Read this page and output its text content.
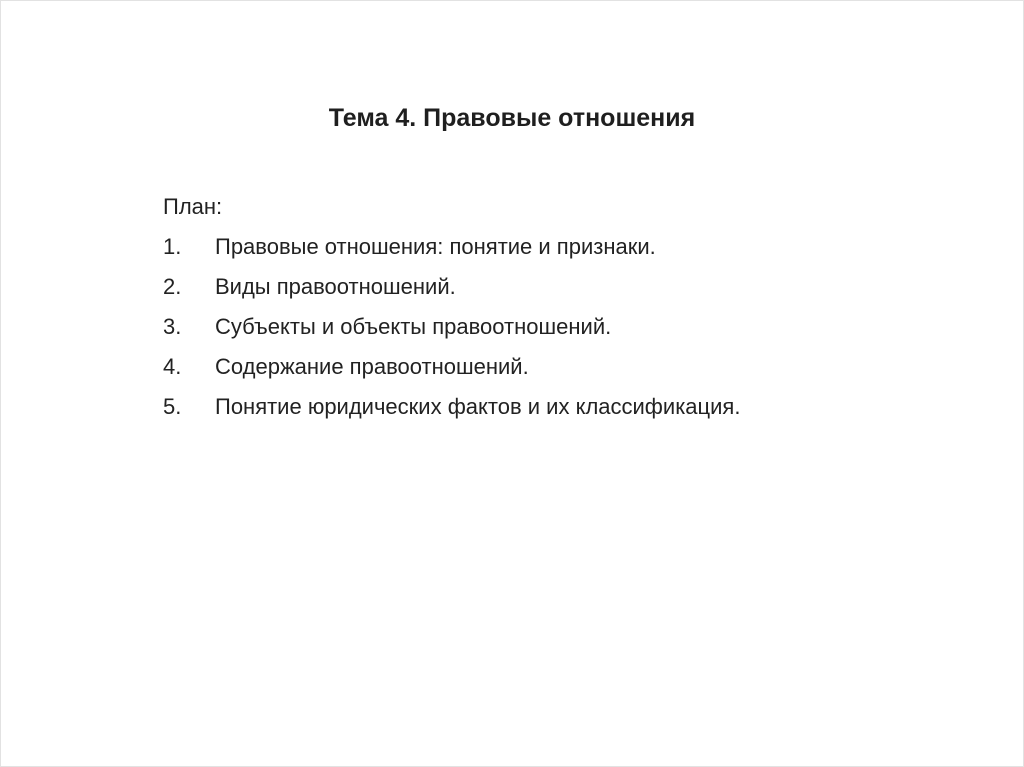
Тема 4. Правовые отношения
План:
1.	Правовые отношения: понятие и признаки.
2.	Виды правоотношений.
3.	Субъекты и объекты правоотношений.
4.	Содержание правоотношений.
5.	Понятие юридических фактов и их классификация.
